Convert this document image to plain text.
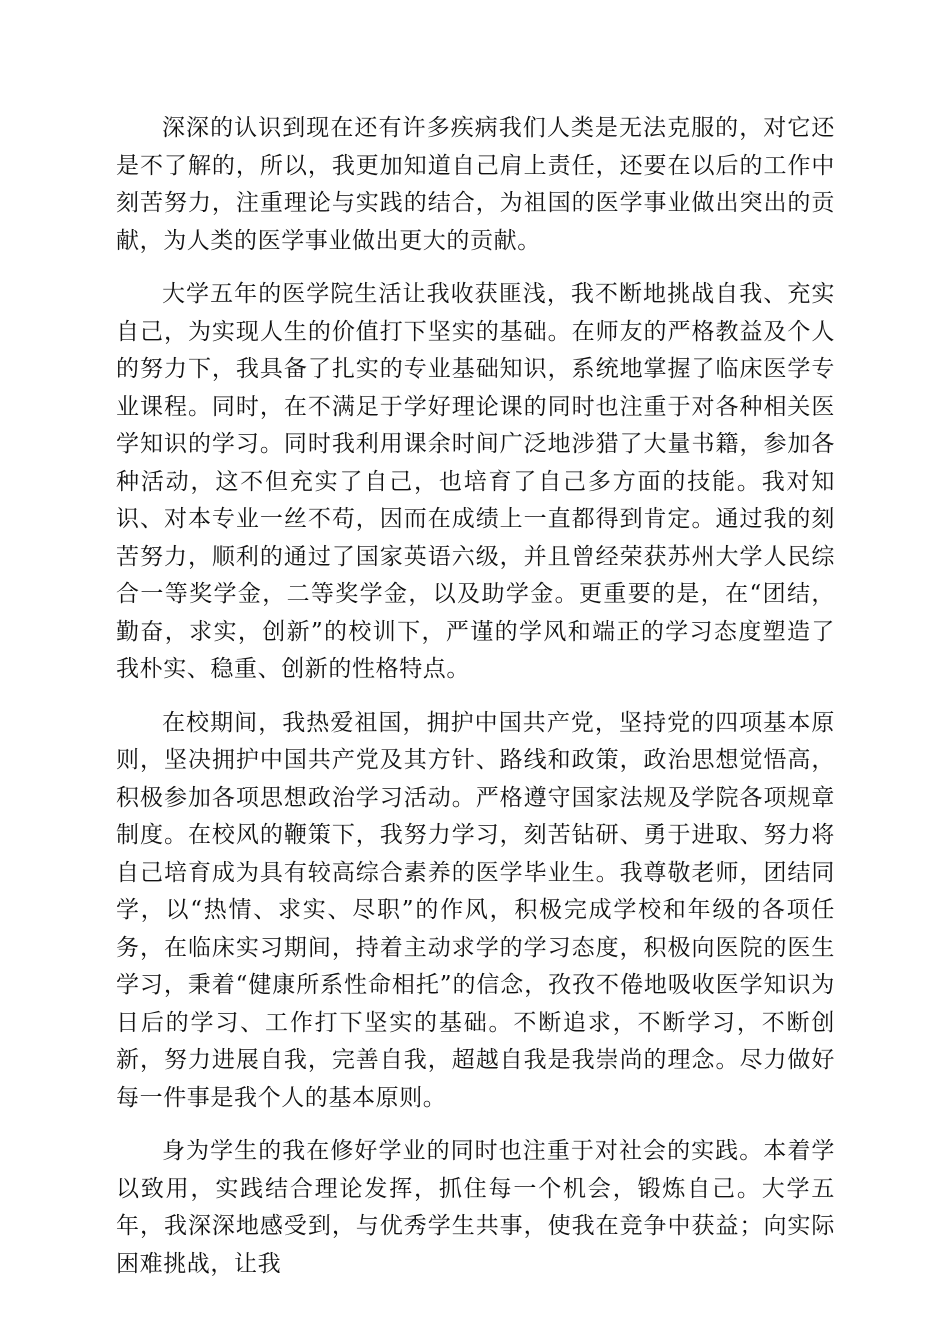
深深的认识到现在还有许多疾病我们人类是无法克服的，对它还是不了解的，所以，我更加知道自己肩上责任，还要在以后的工作中刻苦努力，注重理论与实践的结合，为祖国的医学事业做出突出的贡献，为人类的医学事业做出更大的贡献。

大学五年的医学院生活让我收获匪浅，我不断地挑战自我、充实自己，为实现人生的价值打下坚实的基础。在师友的严格教益及个人的努力下，我具备了扎实的专业基础知识，系统地掌握了临床医学专业课程。同时，在不满足于学好理论课的同时也注重于对各种相关医学知识的学习。同时我利用课余时间广泛地涉猎了大量书籍，参加各种活动，这不但充实了自己，也培育了自己多方面的技能。我对知识、对本专业一丝不苟，因而在成绩上一直都得到肯定。通过我的刻苦努力，顺利的通过了国家英语六级，并且曾经荣获苏州大学人民综合一等奖学金，二等奖学金，以及助学金。更重要的是，在“团结，勤奋，求实，创新”的校训下，严谨的学风和端正的学习态度塑造了我朴实、稳重、创新的性格特点。

在校期间，我热爱祖国，拥护中国共产党，坚持党的四项基本原则，坚决拥护中国共产党及其方针、路线和政策，政治思想觉悟高，积极参加各项思想政治学习活动。严格遵守国家法规及学院各项规章制度。在校风的鞭策下，我努力学习，刻苦钻研、勇于进取、努力将自己培育成为具有较高综合素养的医学毕业生。我尊敬老师，团结同学，以“热情、求实、尽职”的作风，积极完成学校和年级的各项任务，在临床实习期间，持着主动求学的学习态度，积极向医院的医生学习，秉着“健康所系性命相托”的信念，孜孜不倦地吸收医学知识为日后的学习、工作打下坚实的基础。不断追求，不断学习，不断创新，努力进展自我，完善自我，超越自我是我崇尚的理念。尽力做好每一件事是我个人的基本原则。

身为学生的我在修好学业的同时也注重于对社会的实践。本着学以致用，实践结合理论发挥，抓住每一个机会，锻炼自己。大学五年，我深深地感受到，与优秀学生共事，使我在竞争中获益；向实际困难挑战，让我
